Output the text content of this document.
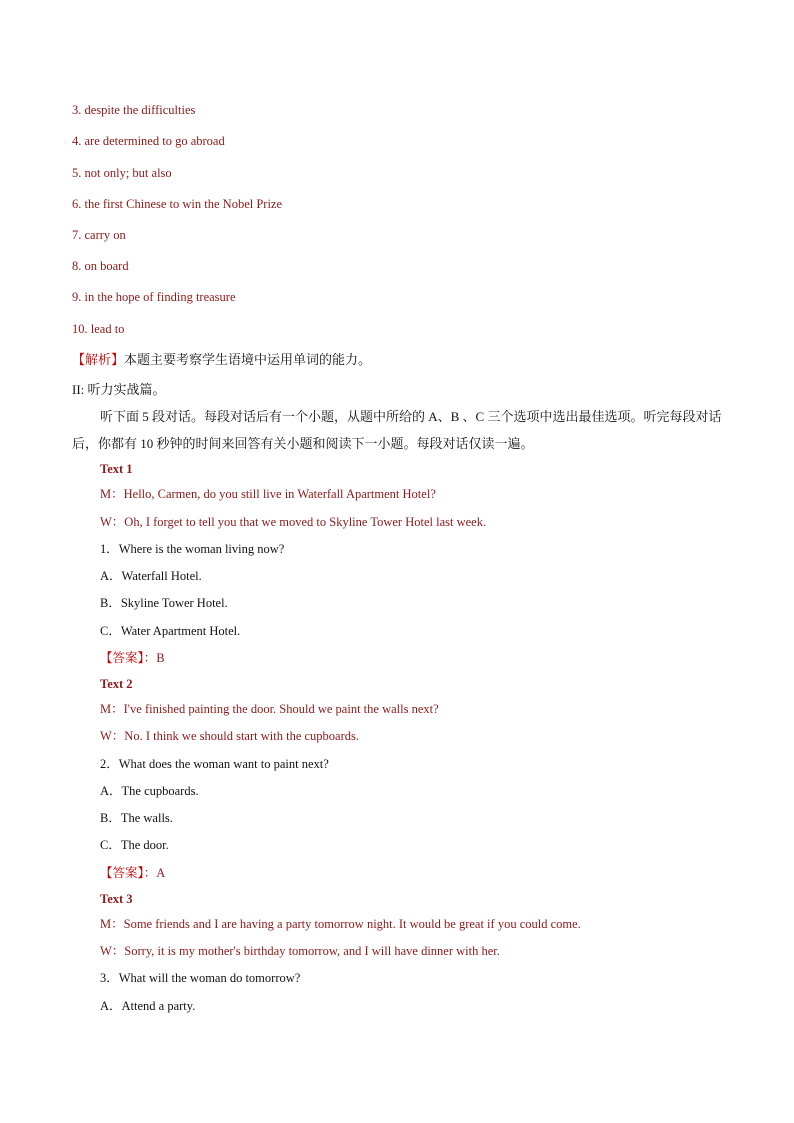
3. despite the difficulties
4. are determined to go abroad
5. not only; but also
6. the first Chinese to win the Nobel Prize
7. carry on
8. on board
9. in the hope of finding treasure
10. lead to
【解析】本题主要考察学生语境中运用单词的能力。
II: 听力实战篇。
听下面 5 段对话。每段对话后有一个小题，从题中所给的 A、B 、C 三个选项中选出最佳选项。听完每段对话后，你都有 10 秒钟的时间来回答有关小题和阅读下一小题。每段对话仅读一遍。
Text 1
M：Hello, Carmen, do you still live in Waterfall Apartment Hotel?
W：Oh, I forget to tell you that we moved to Skyline Tower Hotel last week.
1．Where is the woman living now?
A．Waterfall Hotel.
B．Skyline Tower Hotel.
C．Water Apartment Hotel.
【答案】：B
Text 2
M：I've finished painting the door. Should we paint the walls next?
W：No. I think we should start with the cupboards.
2．What does the woman want to paint next?
A．The cupboards.
B．The walls.
C．The door.
【答案】：A
Text 3
M：Some friends and I are having a party tomorrow night. It would be great if you could come.
W：Sorry, it is my mother's birthday tomorrow, and I will have dinner with her.
3．What will the woman do tomorrow?
A．Attend a party.
